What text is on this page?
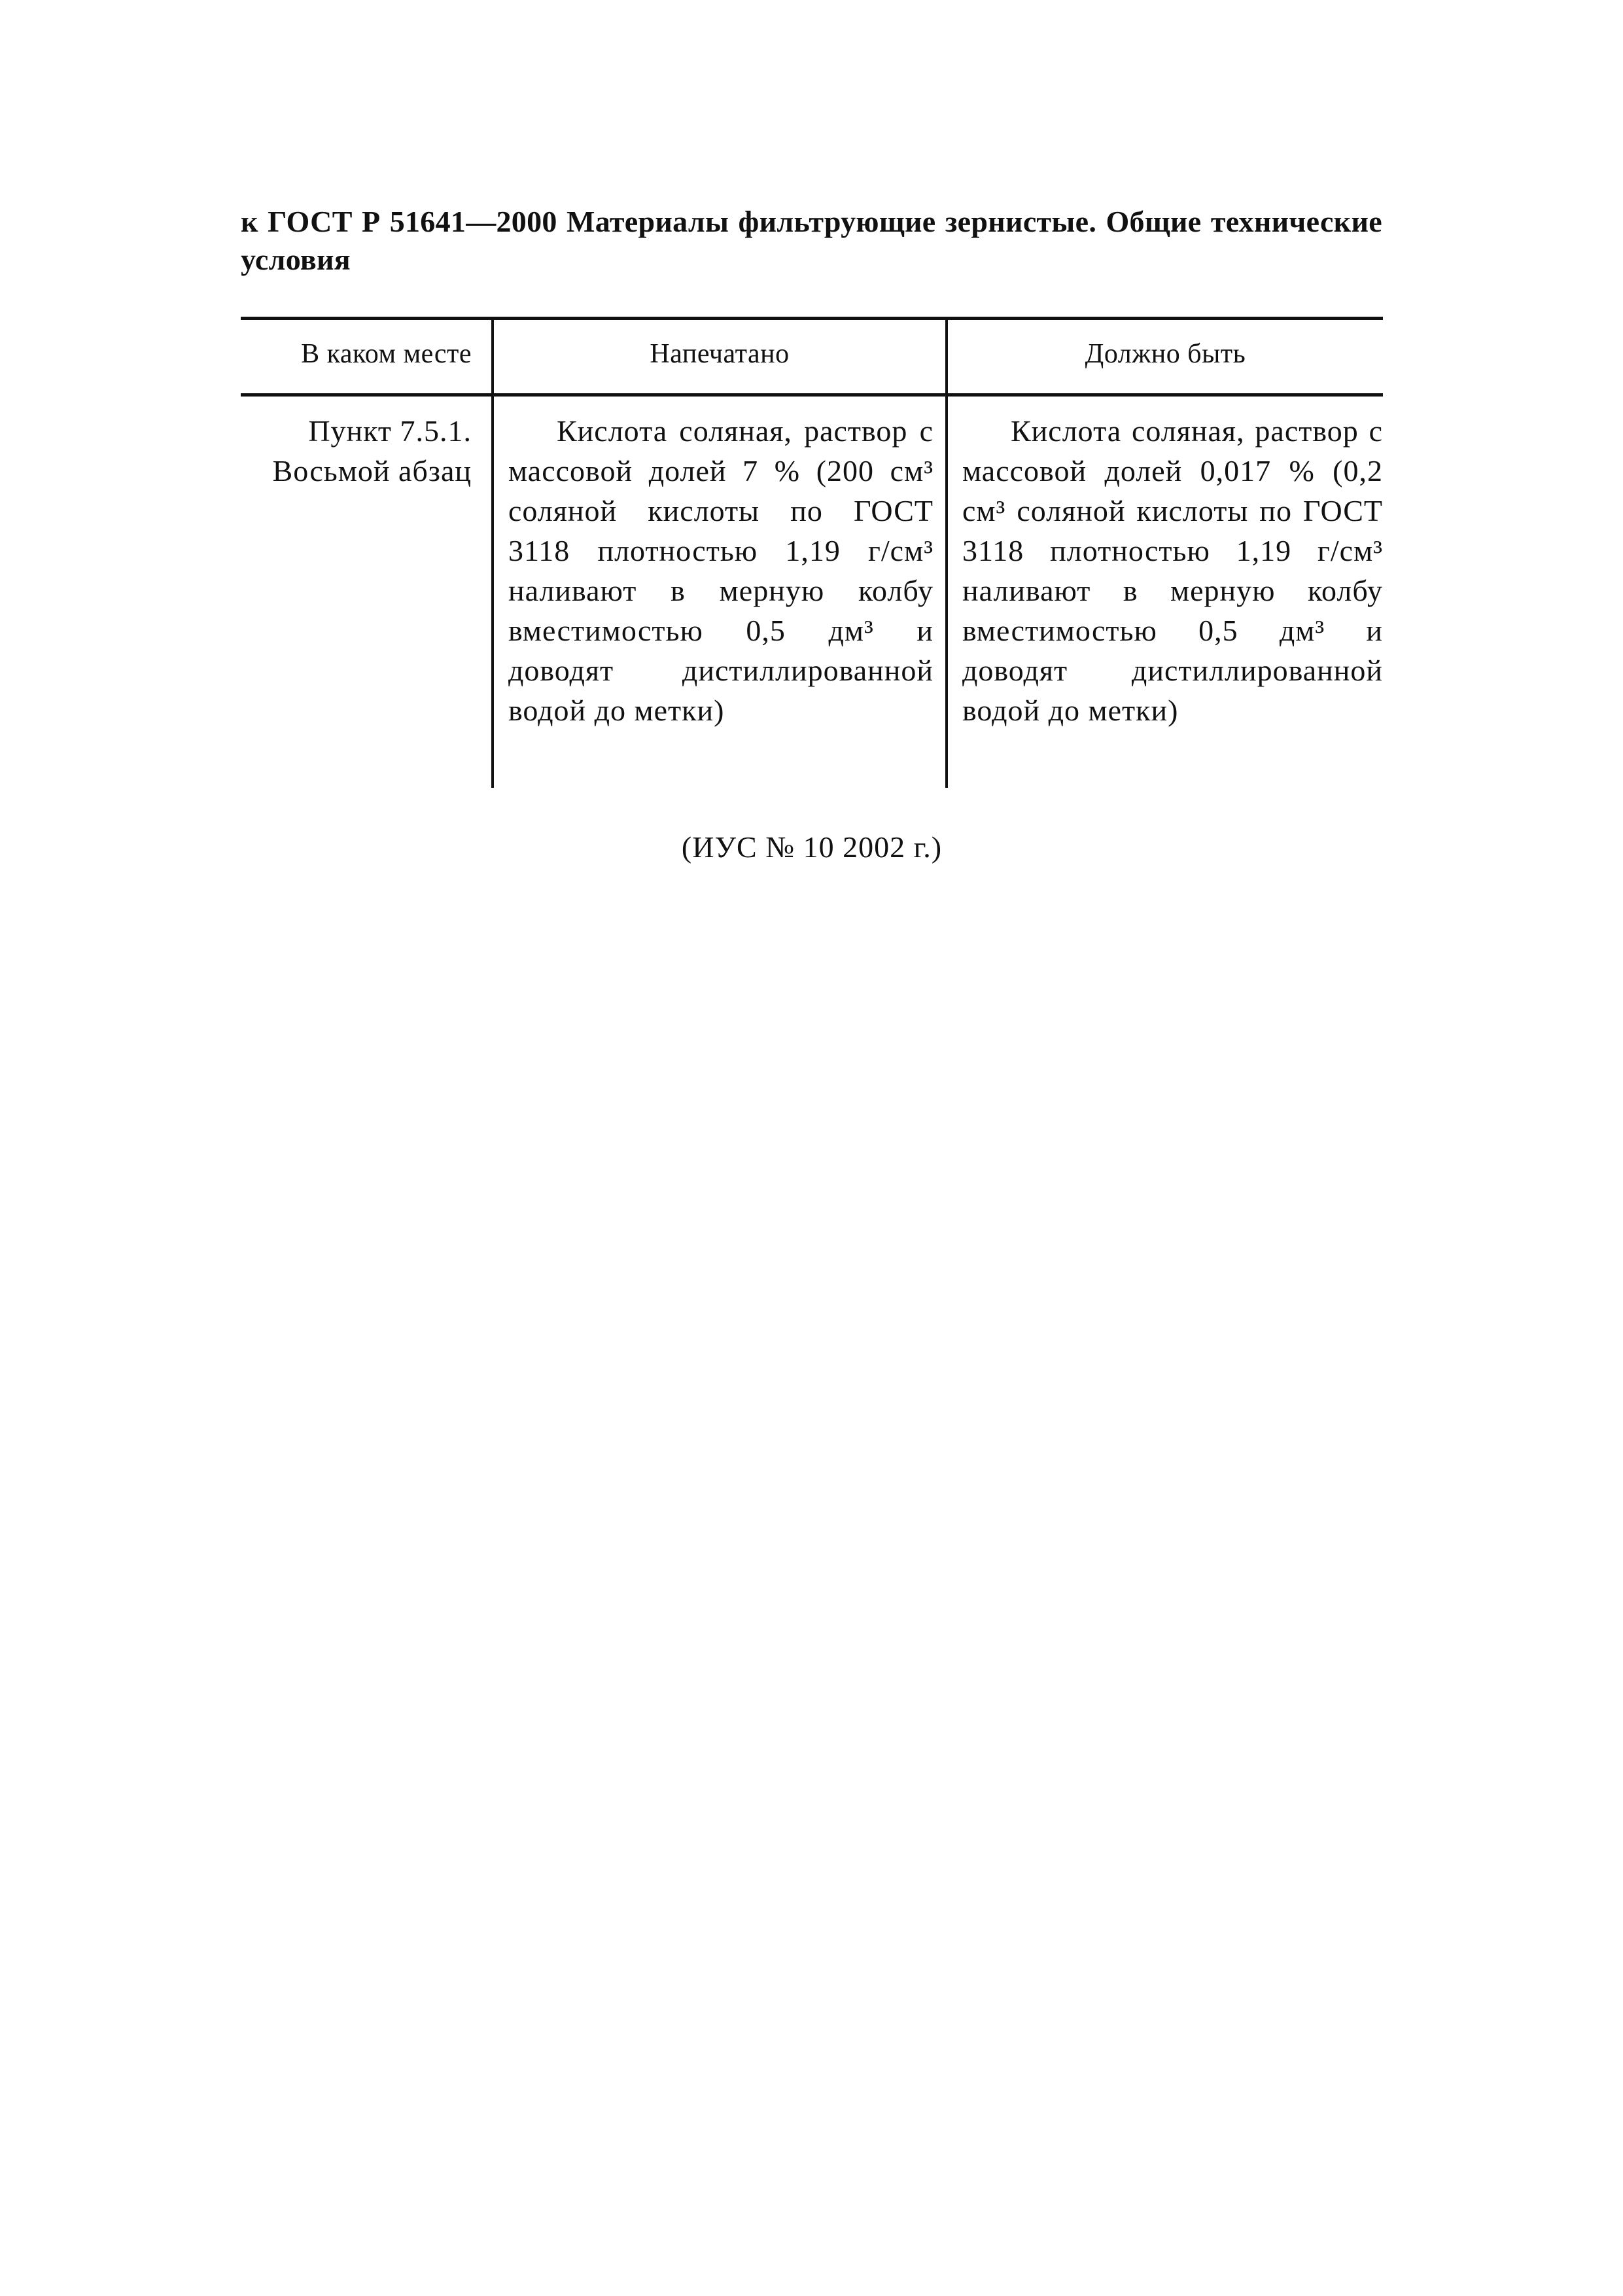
к ГОСТ Р 51641—2000 Материалы фильтрующие зернистые. Общие технические условия

В каком месте	Напечатано	Должно быть
Пункт 7.5.1. Восьмой абзац	Кислота соляная, раствор с массовой долей 7 % (200 см³ соляной кислоты по ГОСТ 3118 плотностью 1,19 г/см³ наливают в мерную колбу вместимостью 0,5 дм³ и доводят дистиллированной водой до метки)	Кислота соляная, раствор с массовой долей 0,017 % (0,2 см³ соляной кислоты по ГОСТ 3118 плотностью 1,19 г/см³ наливают в мерную колбу вместимостью 0,5 дм³ и доводят дистиллированной водой до метки)

(ИУС № 10 2002 г.)
